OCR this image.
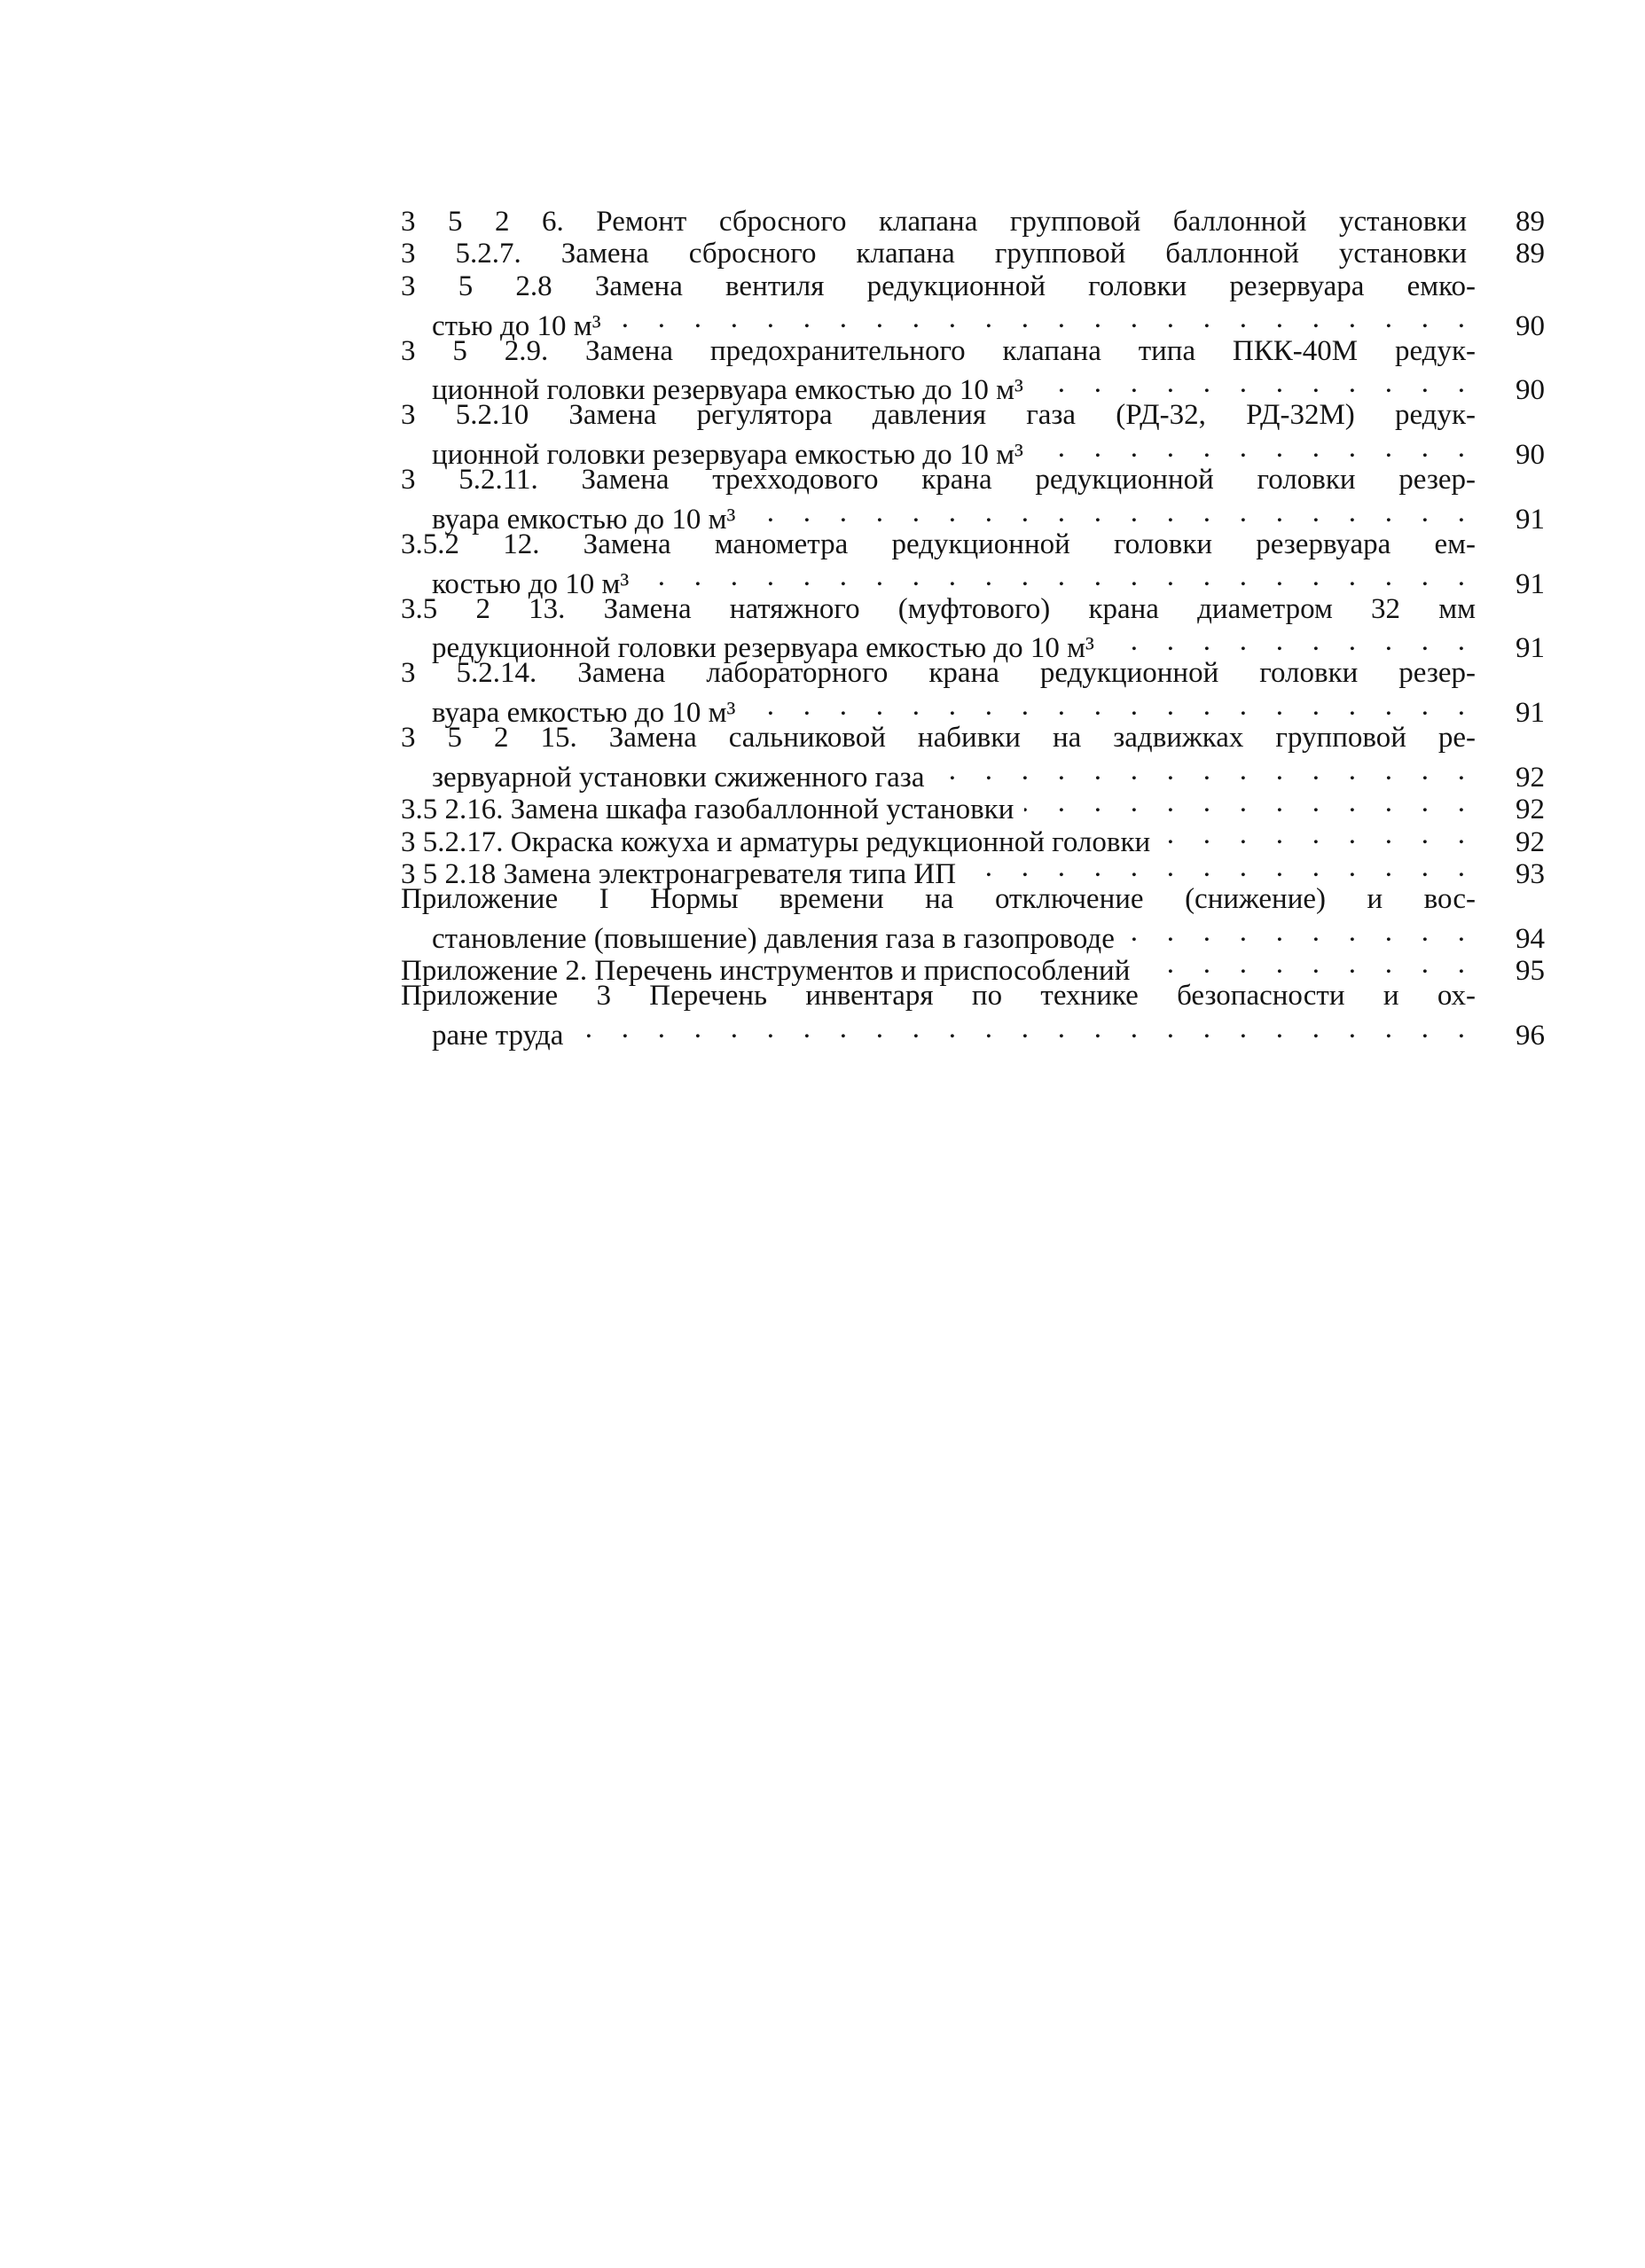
3 5 2 6. Ремонт сбросного клапана групповой баллонной установки	89
3 5.2.7. Замена сбросного клапана групповой баллонной установки	89
3 5 2.8 Замена вентиля редукционной головки резервуара емко-
стью до 10 м³ . .	90
3 5 2.9. Замена предохранительного клапана типа ПКК-40М редук-
ционной головки резервуара емкостью до 10 м³ . .	90
3 5.2.10 Замена регулятора давления газа (РД-32, РД-32М) редук-
ционной головки резервуара емкостью до 10 м³ . .	90
3 5.2.11. Замена трехходового крана редукционной головки резер-
вуара емкостью до 10 м³ . .	91
3.5.2 12. Замена манометра редукционной головки резервуара ем-
костью до 10 м³ . .	91
3.5 2 13. Замена натяжного (муфтового) крана диаметром 32 мм
редукционной головки резервуара емкостью до 10 м³ . .	91
3 5.2.14. Замена лабораторного крана редукционной головки резер-
вуара емкостью до 10 м³ . .	91
3 5 2 15. Замена сальниковой набивки на задвижках групповой ре-
зервуарной установки сжиженного газа . .	92
3.5 2.16. Замена шкафа газобаллонной установки . .	92
3 5.2.17. Окраска кожуха и арматуры редукционной головки . .	92
3 5 2.18 Замена электронагревателя типа ИП . .	93
Приложение I Нормы времени на отключение (снижение) и вос-
становление (повышение) давления газа в газопроводе . .	94
Приложение 2. Перечень инструментов и приспособлений . .	95
Приложение 3 Перечень инвентаря по технике безопасности и ох-
ране труда . .	96
